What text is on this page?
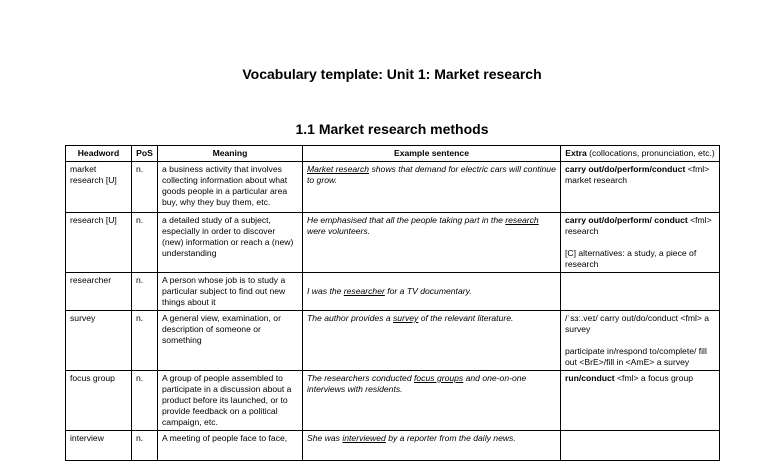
Vocabulary template: Unit 1: Market research
1.1 Market research methods
Headword	PoS	Meaning	Example sentence	Extra (collocations, pronunciation, etc.)
market research [U]	n.	a business activity that involves collecting information about what goods people in a particular area buy, why they buy them, etc.	Market research shows that demand for electric cars will continue to grow.	carry out/do/perform/conduct <fml> market research
research [U]	n.	a detailed study of a subject, especially in order to discover (new) information or reach a (new) understanding	He emphasised that all the people taking part in the research were volunteers.	carry out/do/perform/ conduct <fml> research
[C] alternatives: a study, a piece of research

researcher	n.	A person whose job is to study a particular subject to find out new things about it	I was the researcher for a TV documentary.	
survey	n.	A general view, examination, or description of someone or something	The author provides a survey of the relevant literature.	/ˈsɜː.veɪ/ carry out/do/conduct <fml> a survey
participate in/respond to/complete/ fill out <BrE>/fill in <AmE> a survey

focus group	n.	A group of people assembled to participate in a discussion about a product before its launched, or to provide feedback on a political campaign, etc.	The researchers conducted focus groups and one-on-one interviews with residents.	run/conduct <fml> a focus group
interview	n.	A meeting of people face to face,	She was interviewed by a reporter from the daily news.	
